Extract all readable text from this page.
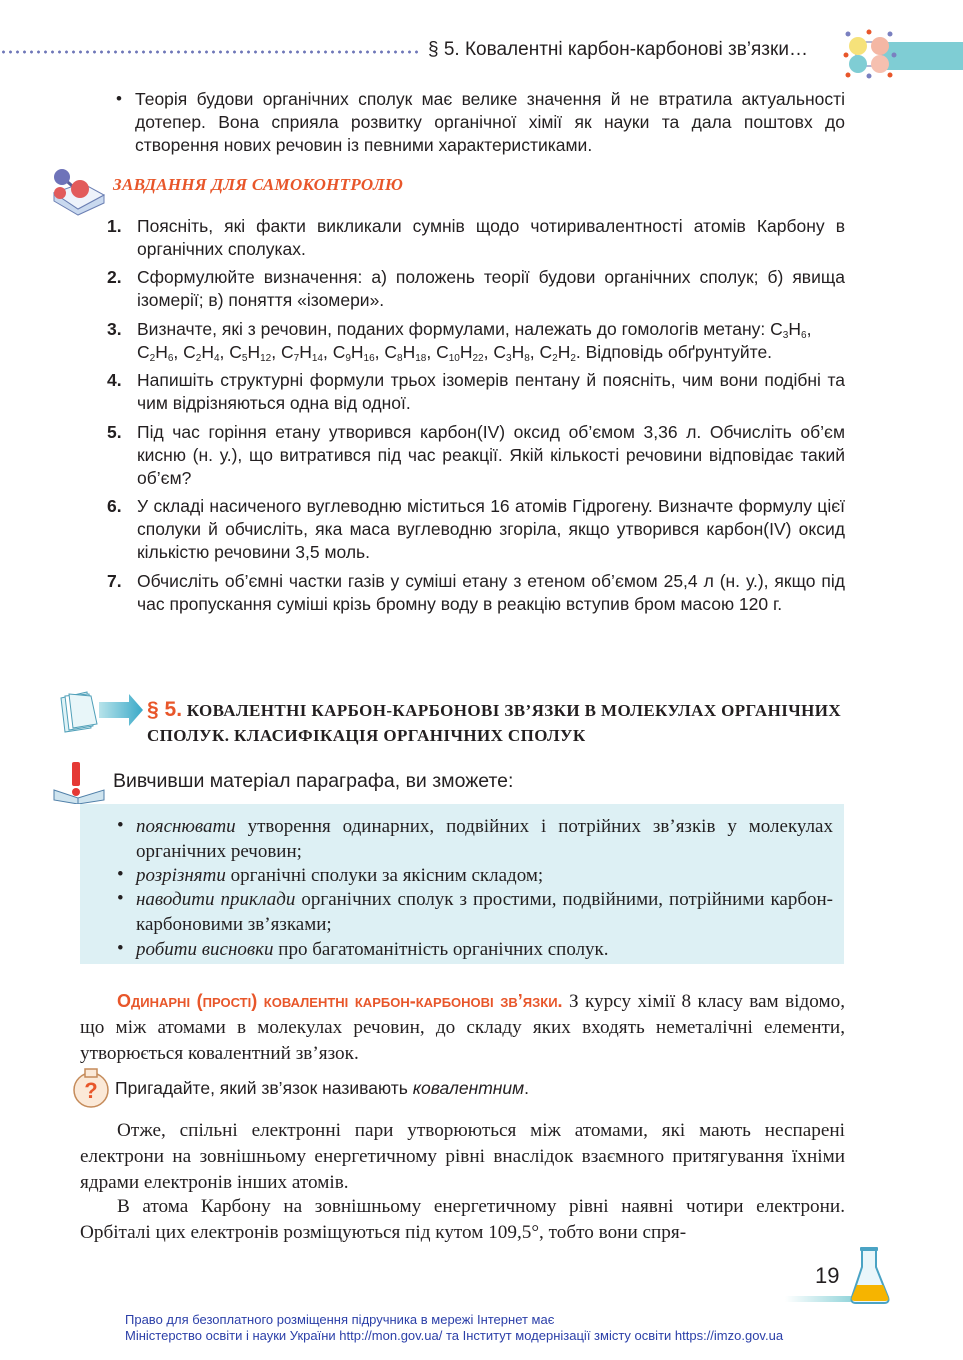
§ 5. Ковалентні карбон-карбонові зв’язки…
• Теорія будови органічних сполук має велике значення й не втратила актуальності дотепер. Вона сприяла розвитку органічної хімії як науки та дала поштовх до створення нових речовин із певними характеристиками.
ЗАВДАННЯ ДЛЯ САМОКОНТРОЛЮ
1. Поясніть, які факти викликали сумнів щодо чотиривалентності атомів Карбону в органічних сполуках.
2. Сформулюйте визначення: а) положень теорії будови органічних сполук; б) явища ізомерії; в) поняття «ізомери».
3. Визначте, які з речовин, поданих формулами, належать до гомологів метану: $C_3H_6$, $C_2H_6$, $C_2H_4$, $C_5H_{12}$, $C_7H_{14}$, $C_9H_{16}$, $C_8H_{18}$, $C_{10}H_{22}$, $C_3H_8$, $C_2H_2$. Відповідь обґрунтуйте.
4. Напишіть структурні формули трьох ізомерів пентану й поясніть, чим вони подібні та чим відрізняються одна від одної.
5. Під час горіння етану утворився карбон(IV) оксид об’ємом 3,36 л. Обчисліть об’єм кисню (н. у.), що витратився під час реакції. Якій кількості речовини відповідає такий об’єм?
6. У складі насиченого вуглеводню міститься 16 атомів Гідрогену. Визначте формулу цієї сполуки й обчисліть, яка маса вуглеводню згоріла, якщо утворився карбон(IV) оксид кількістю речовини 3,5 моль.
7. Обчисліть об’ємні частки газів у суміші етану з етеном об’ємом 25,4 л (н. у.), якщо під час пропускання суміші крізь бромну воду в реакцію вступив бром масою 120 г.
§ 5. КОВАЛЕНТНІ КАРБОН-КАРБОНОВІ ЗВ’ЯЗКИ В МОЛЕКУЛАХ ОРГАНІЧНИХ СПОЛУК. КЛАСИФІКАЦІЯ ОРГАНІЧНИХ СПОЛУК
Вивчивши матеріал параграфа, ви зможете:
• пояснювати утворення одинарних, подвійних і потрійних зв’язків у молекулах органічних речовин;
• розрізняти органічні сполуки за якісним складом;
• наводити приклади органічних сполук з простими, подвійними, потрійними карбон-карбоновими зв’язками;
• робити висновки про багатоманітність органічних сполук.
Одинарні (прості) ковалентні карбон-карбонові зв’язки. З курсу хімії 8 класу вам відомо, що між атомами в молекулах речовин, до складу яких входять неметалічні елементи, утворюється ковалентний зв’язок.
? Пригадайте, який зв’язок називають ковалентним.
Отже, спільні електронні пари утворюються між атомами, які мають неспарені електрони на зовнішньому енергетичному рівні внаслідок взаємного притягування їхніми ядрами електронів інших атомів.
В атома Карбону на зовнішньому енергетичному рівні наявні чотири електрони. Орбіталі цих електронів розміщуються під кутом 109,5°, тобто вони спря-
19
Право для безоплатного розміщення підручника в мережі Інтернет має
Міністерство освіти і науки України http://mon.gov.ua/ та Інститут модернізації змісту освіти https://imzo.gov.ua
